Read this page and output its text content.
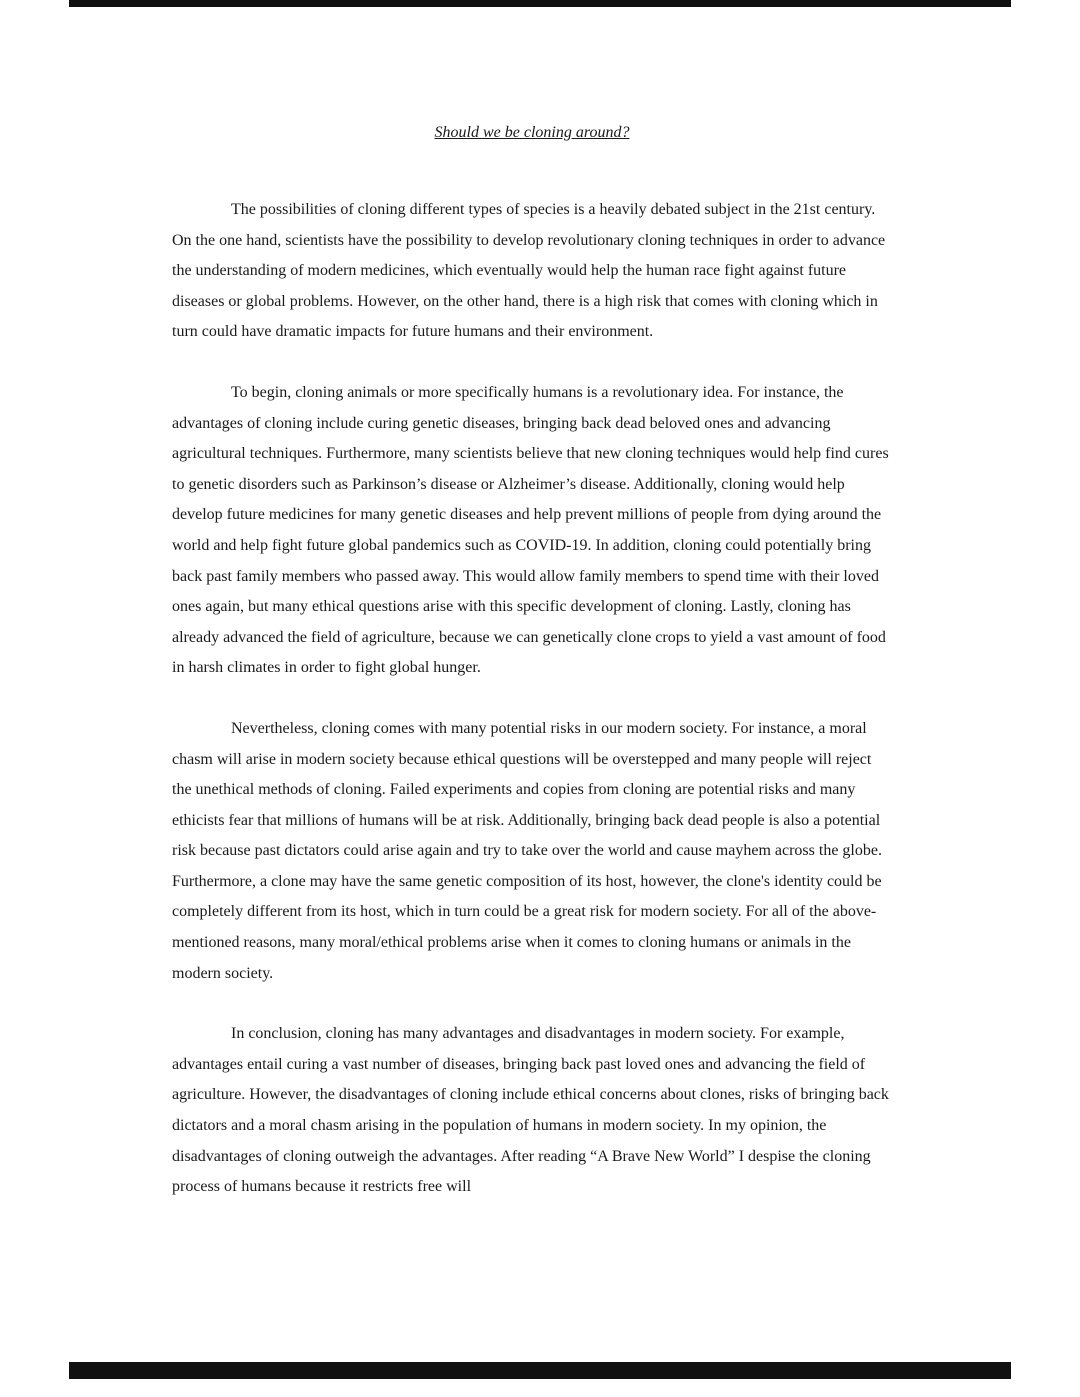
Should we be cloning around?

The possibilities of cloning different types of species is a heavily debated subject in the 21st century. On the one hand, scientists have the possibility to develop revolutionary cloning techniques in order to advance the understanding of modern medicines, which eventually would help the human race fight against future diseases or global problems. However, on the other hand, there is a high risk that comes with cloning which in turn could have dramatic impacts for future humans and their environment.

To begin, cloning animals or more specifically humans is a revolutionary idea. For instance, the advantages of cloning include curing genetic diseases, bringing back dead beloved ones and advancing agricultural techniques. Furthermore, many scientists believe that new cloning techniques would help find cures to genetic disorders such as Parkinson’s disease or Alzheimer’s disease. Additionally, cloning would help develop future medicines for many genetic diseases and help prevent millions of people from dying around the world and help fight future global pandemics such as COVID-19. In addition, cloning could potentially bring back past family members who passed away. This would allow family members to spend time with their loved ones again, but many ethical questions arise with this specific development of cloning. Lastly, cloning has already advanced the field of agriculture, because we can genetically clone crops to yield a vast amount of food in harsh climates in order to fight global hunger.

Nevertheless, cloning comes with many potential risks in our modern society. For instance, a moral chasm will arise in modern society because ethical questions will be overstepped and many people will reject the unethical methods of cloning. Failed experiments and copies from cloning are potential risks and many ethicists fear that millions of humans will be at risk. Additionally, bringing back dead people is also a potential risk because past dictators could arise again and try to take over the world and cause mayhem across the globe. Furthermore, a clone may have the same genetic composition of its host, however, the clone's identity could be completely different from its host, which in turn could be a great risk for modern society. For all of the above-mentioned reasons, many moral/ethical problems arise when it comes to cloning humans or animals in the modern society.

In conclusion, cloning has many advantages and disadvantages in modern society. For example, advantages entail curing a vast number of diseases, bringing back past loved ones and advancing the field of agriculture. However, the disadvantages of cloning include ethical concerns about clones, risks of bringing back dictators and a moral chasm arising in the population of humans in modern society. In my opinion, the disadvantages of cloning outweigh the advantages. After reading “A Brave New World” I despise the cloning process of humans because it restricts free will
